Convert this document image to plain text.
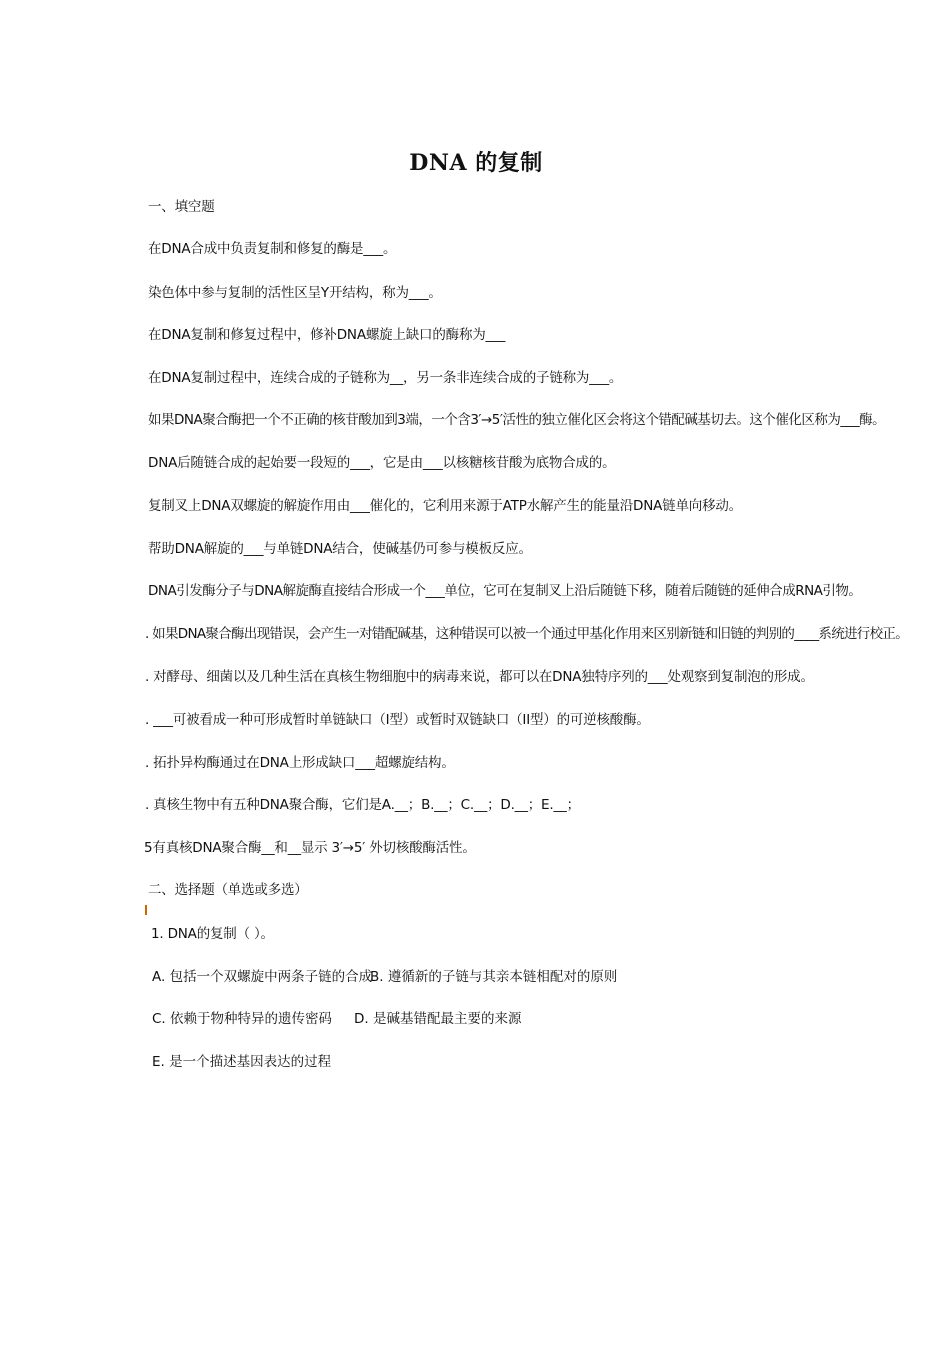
DNA 的复制
一、填空题
在DNA合成中负责复制和修复的酶是___。
染色体中参与复制的活性区呈Y开结构，称为___。
在DNA复制和修复过程中，修补DNA螺旋上缺口的酶称为___
在DNA复制过程中，连续合成的子链称为__，另一条非连续合成的子链称为___。
如果DNA聚合酶把一个不正确的核苷酸加到3端，一个含3′→5′活性的独立催化区会将这个错配碱基切去。这个催化区称为___酶。
DNA后随链合成的起始要一段短的___，它是由___以核糖核苷酸为底物合成的。
复制叉上DNA双螺旋的解旋作用由___催化的，它利用来源于ATP水解产生的能量沿DNA链单向移动。
帮助DNA解旋的___与单链DNA结合，使碱基仍可参与模板反应。
DNA引发酶分子与DNA解旋酶直接结合形成一个___单位，它可在复制叉上沿后随链下移，随着后随链的延伸合成RNA引物。
. 如果DNA聚合酶出现错误，会产生一对错配碱基，这种错误可以被一个通过甲基化作用来区别新链和旧链的判别的____系统进行校正。
. 对酵母、细菌以及几种生活在真核生物细胞中的病毒来说，都可以在DNA独特序列的___处观察到复制泡的形成。
. ___可被看成一种可形成暂时单链缺口（I型）或暂时双链缺口（II型）的可逆核酸酶。
. 拓扑异构酶通过在DNA上形成缺口___超螺旋结构。
. 真核生物中有五种DNA聚合酶，它们是A.__；B.__；C.__；D.__；E.__；
5有真核DNA聚合酶__和__显示 3′→5′ 外切核酸酶活性。
二、选择题（单选或多选）
1. DNA的复制（ ）。
A. 包括一个双螺旋中两条子链的合成
B. 遵循新的子链与其亲本链相配对的原则
C. 依赖于物种特异的遗传密码 D. 是碱基错配最主要的来源
E. 是一个描述基因表达的过程
